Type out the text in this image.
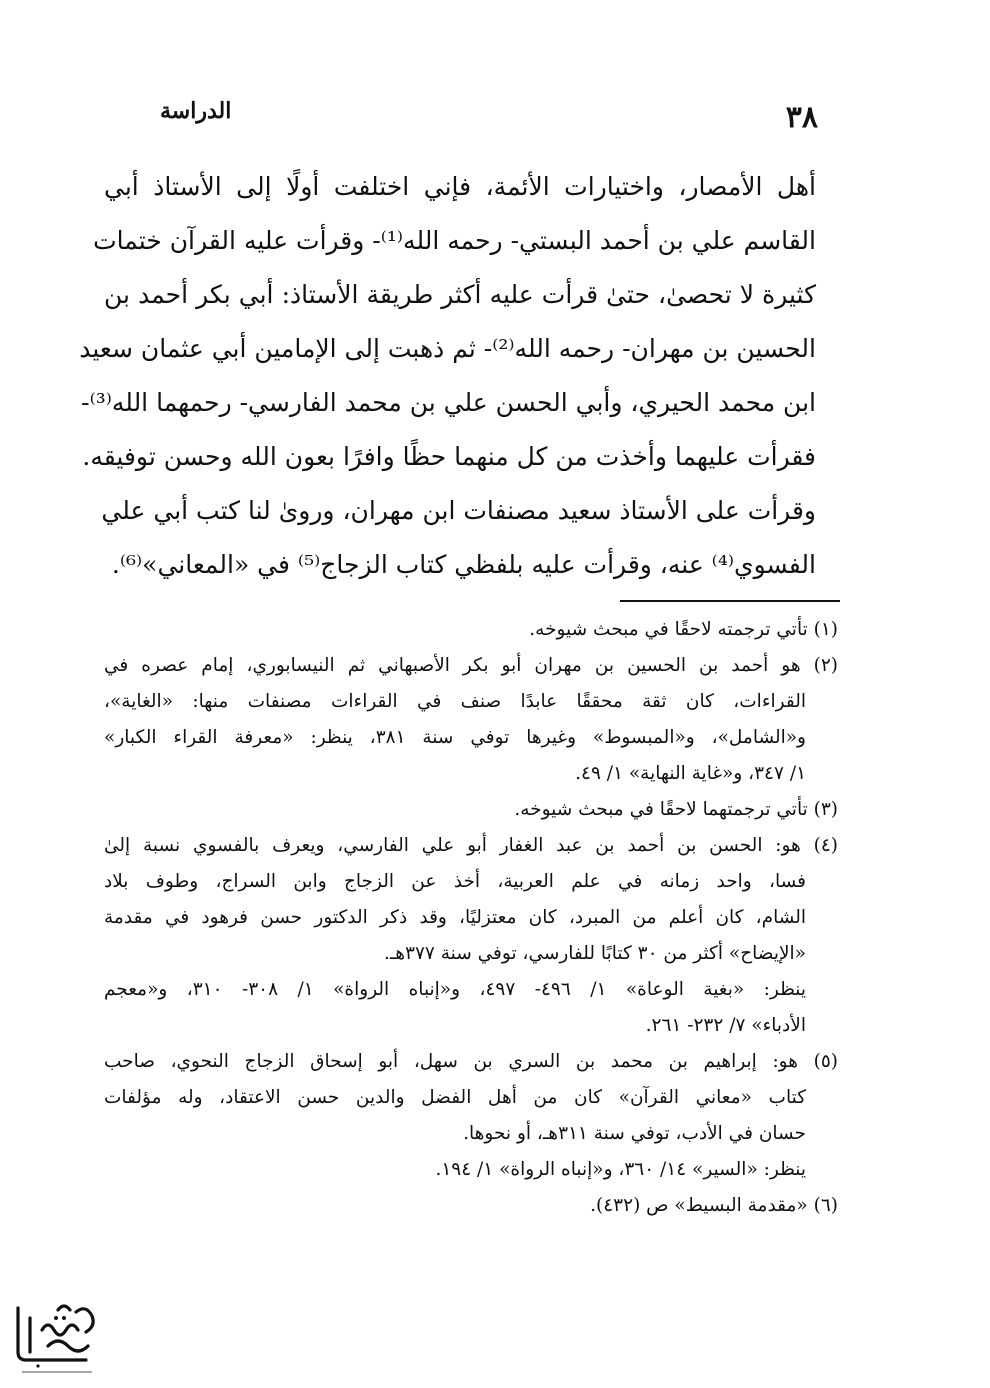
٣٨
الدراسة
أهل الأمصار، واختيارات الأئمة، فإني اختلفت أولًا إلى الأستاذ أبي
القاسم علي بن أحمد البستي- رحمه الله⁽¹⁾- وقرأت عليه القرآن ختمات
كثيرة لا تحصىٰ، حتىٰ قرأت عليه أكثر طريقة الأستاذ: أبي بكر أحمد بن
الحسين بن مهران- رحمه الله⁽²⁾- ثم ذهبت إلى الإمامين أبي عثمان سعيد
ابن محمد الحيري، وأبي الحسن علي بن محمد الفارسي- رحمهما الله⁽³⁾-
فقرأت عليهما وأخذت من كل منهما حظًا وافرًا بعون الله وحسن توفيقه.
وقرأت على الأستاذ سعيد مصنفات ابن مهران، وروىٰ لنا كتب أبي علي
الفسوي⁽⁴⁾ عنه، وقرأت عليه بلفظي كتاب الزجاج⁽⁵⁾ في «المعاني»⁽⁶⁾.
(١) تأتي ترجمته لاحقًا في مبحث شيوخه.
(٢) هو أحمد بن الحسين بن مهران أبو بكر الأصبهاني ثم النيسابوري، إمام عصره في
القراءات، كان ثقة محققًا عابدًا صنف في القراءات مصنفات منها: «الغاية»،
و«الشامل»، و«المبسوط» وغيرها توفي سنة ٣٨١، ينظر: «معرفة القراء الكبار»
١/ ٣٤٧، و«غاية النهاية» ١/ ٤٩.
(٣) تأتي ترجمتهما لاحقًا في مبحث شيوخه.
(٤) هو: الحسن بن أحمد بن عبد الغفار أبو علي الفارسي، ويعرف بالفسوي نسبة إلىٰ
فسا، واحد زمانه في علم العربية، أخذ عن الزجاج وابن السراج، وطوف بلاد
الشام، كان أعلم من المبرد، كان معتزليًا، وقد ذكر الدكتور حسن فرهود في مقدمة
«الإيضاح» أكثر من ٣٠ كتابًا للفارسي، توفي سنة ٣٧٧هـ.
ينظر: «بغية الوعاة» ١/ ٤٩٦- ٤٩٧، و«إنباه الرواة» ١/ ٣٠٨- ٣١٠، و«معجم
الأدباء» ٧/ ٢٣٢- ٢٦١.
(٥) هو: إبراهيم بن محمد بن السري بن سهل، أبو إسحاق الزجاج النحوي، صاحب
كتاب «معاني القرآن» كان من أهل الفضل والدين حسن الاعتقاد، وله مؤلفات
حسان في الأدب، توفي سنة ٣١١هـ، أو نحوها.
ينظر: «السير» ١٤/ ٣٦٠، و«إنباه الرواة» ١/ ١٩٤.
(٦) «مقدمة البسيط» ص (٤٣٢).
